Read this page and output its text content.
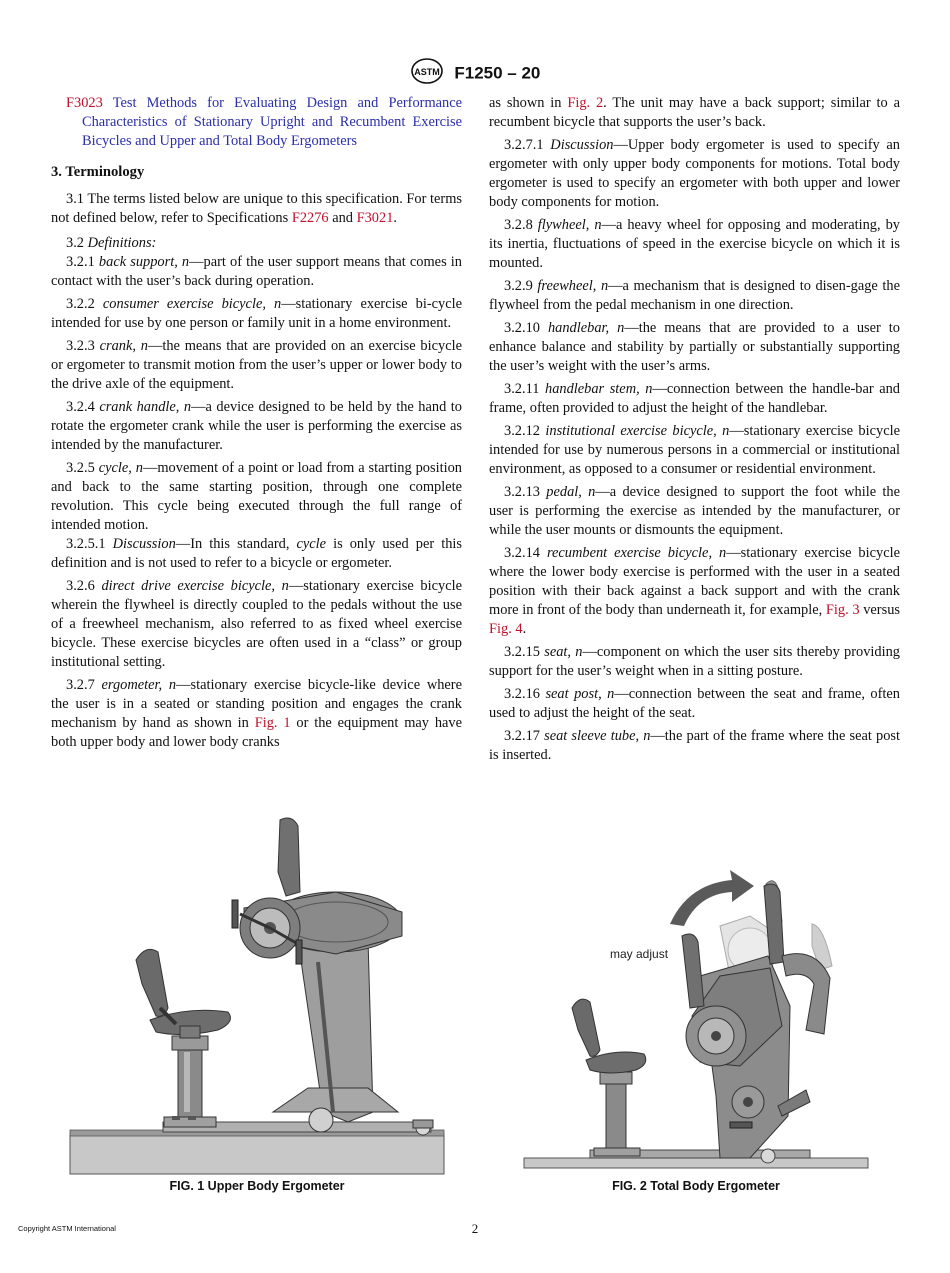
ASTM F1250 – 20
F3023 Test Methods for Evaluating Design and Performance Characteristics of Stationary Upright and Recumbent Exercise Bicycles and Upper and Total Body Ergometers
3. Terminology

3.1 The terms listed below are unique to this specification. For terms not defined below, refer to Specifications F2276 and F3021.

3.2 Definitions:

3.2.1 back support, n—part of the user support means that comes in contact with the user’s back during operation.

3.2.2 consumer exercise bicycle, n—stationary exercise bi-cycle intended for use by one person or family unit in a home environment.

3.2.3 crank, n—the means that are provided on an exercise bicycle or ergometer to transmit motion from the user’s upper or lower body to the drive axle of the equipment.

3.2.4 crank handle, n—a device designed to be held by the hand to rotate the ergometer crank while the user is performing the exercise as intended by the manufacturer.

3.2.5 cycle, n—movement of a point or load from a starting position and back to the same starting position, through one complete revolution. This cycle being executed through the full range of intended motion.

3.2.5.1 Discussion—In this standard, cycle is only used per this definition and is not used to refer to a bicycle or ergometer.

3.2.6 direct drive exercise bicycle, n—stationary exercise bicycle wherein the flywheel is directly coupled to the pedals without the use of a freewheel mechanism, also referred to as fixed wheel exercise bicycle. These exercise bicycles are often used in a “class” or group institutional setting.

3.2.7 ergometer, n—stationary exercise bicycle-like device where the user is in a seated or standing position and engages the crank mechanism by hand as shown in Fig. 1 or the equipment may have both upper body and lower body cranks

as shown in Fig. 2. The unit may have a back support; similar to a recumbent bicycle that supports the user’s back.

3.2.7.1 Discussion—Upper body ergometer is used to specify an ergometer with only upper body components for motions. Total body ergometer is used to specify an ergometer with both upper and lower body components for motion.

3.2.8 flywheel, n—a heavy wheel for opposing and moderating, by its inertia, fluctuations of speed in the exercise bicycle on which it is mounted.

3.2.9 freewheel, n—a mechanism that is designed to disen-gage the flywheel from the pedal mechanism in one direction.

3.2.10 handlebar, n—the means that are provided to a user to enhance balance and stability by partially or substantially supporting the user’s weight with the user’s arms.

3.2.11 handlebar stem, n—connection between the handle-bar and frame, often provided to adjust the height of the handlebar.

3.2.12 institutional exercise bicycle, n—stationary exercise bicycle intended for use by numerous persons in a commercial or institutional environment, as opposed to a consumer or residential environment.

3.2.13 pedal, n—a device designed to support the foot while the user is performing the exercise as intended by the manufacturer, or while the user mounts or dismounts the equipment.

3.2.14 recumbent exercise bicycle, n—stationary exercise bicycle where the lower body exercise is performed with the user in a seated position with their back against a back support and with the crank more in front of the body than underneath it, for example, Fig. 3 versus Fig. 4.

3.2.15 seat, n—component on which the user sits thereby providing support for the user’s weight when in a sitting posture.

3.2.16 seat post, n—connection between the seat and frame, often used to adjust the height of the seat.

3.2.17 seat sleeve tube, n—the part of the frame where the seat post is inserted.

FIG. 1 Upper Body Ergometer
may adjust
FIG. 2 Total Body Ergometer
Copyright ASTM International	2
